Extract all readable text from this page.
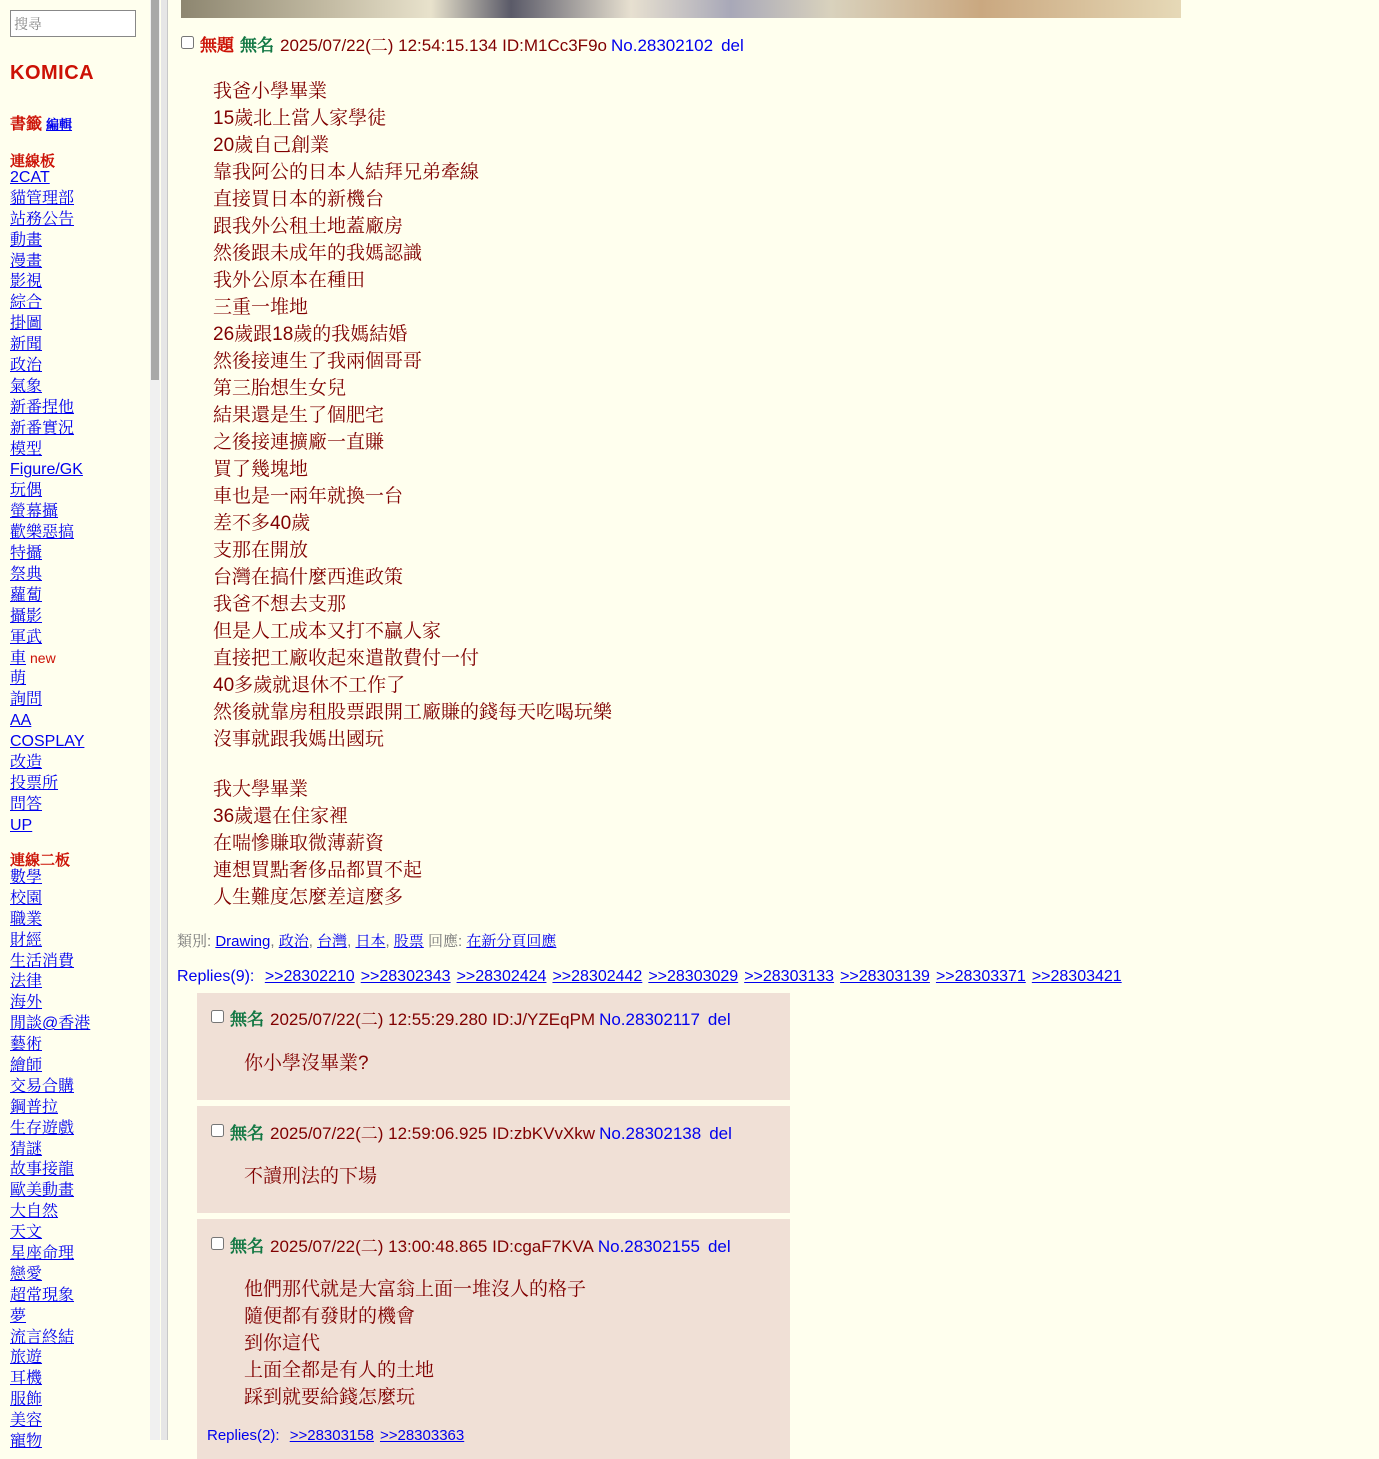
搜尋
KOMICA
書籤 編輯
連線板
2CAT
貓管理部
站務公告
動畫
漫畫
影視
綜合
掛圖
新聞
政治
氣象
新番捏他
新番實況
模型
Figure/GK
玩偶
螢幕攝
歡樂惡搞
特攝
祭典
蘿蔔
攝影
軍武
車 new
萌
詢問
AA
COSPLAY
改造
投票所
問答
UP
連線二板
數學
校園
職業
財經
生活消費
法律
海外
閒談@香港
藝術
繪師
交易合購
鋼普拉
生存遊戲
猜謎
故事接龍
歐美動畫
大自然
天文
星座命理
戀愛
超常現象
夢
流言終結
旅遊
耳機
服飾
美容
寵物
無題 無名 2025/07/22(二) 12:54:15.134 ID:M1Cc3F9o No.28302102 del
我爸小學畢業
15歲北上當人家學徒
20歲自己創業
靠我阿公的日本人結拜兄弟牽線
直接買日本的新機台
跟我外公租土地蓋廠房
然後跟未成年的我媽認識
我外公原本在種田
三重一堆地
26歲跟18歲的我媽結婚
然後接連生了我兩個哥哥
第三胎想生女兒
結果還是生了個肥宅
之後接連擴廠一直賺
買了幾塊地
車也是一兩年就換一台
差不多40歲
支那在開放
台灣在搞什麼西進政策
我爸不想去支那
但是人工成本又打不贏人家
直接把工廠收起來遣散費付一付
40多歲就退休不工作了
然後就靠房租股票跟開工廠賺的錢每天吃喝玩樂
沒事就跟我媽出國玩
我大學畢業
36歲還在住家裡
在喘慘賺取微薄薪資
連想買點奢侈品都買不起
人生難度怎麼差這麼多
類別: Drawing, 政治, 台灣, 日本, 股票 回應: 在新分頁回應
Replies(9): >>28302210 >>28302343 >>28302424 >>28302442 >>28303029 >>28303133 >>28303139 >>28303371 >>28303421
無名 2025/07/22(二) 12:55:29.280 ID:J/YZEqPM No.28302117 del
你小學沒畢業?
無名 2025/07/22(二) 12:59:06.925 ID:zbKVvXkw No.28302138 del
不讀刑法的下場
無名 2025/07/22(二) 13:00:48.865 ID:cgaF7KVA No.28302155 del
他們那代就是大富翁上面一堆沒人的格子
隨便都有發財的機會
到你這代
上面全都是有人的土地
踩到就要給錢怎麼玩
Replies(2): >>28303158 >>28303363
